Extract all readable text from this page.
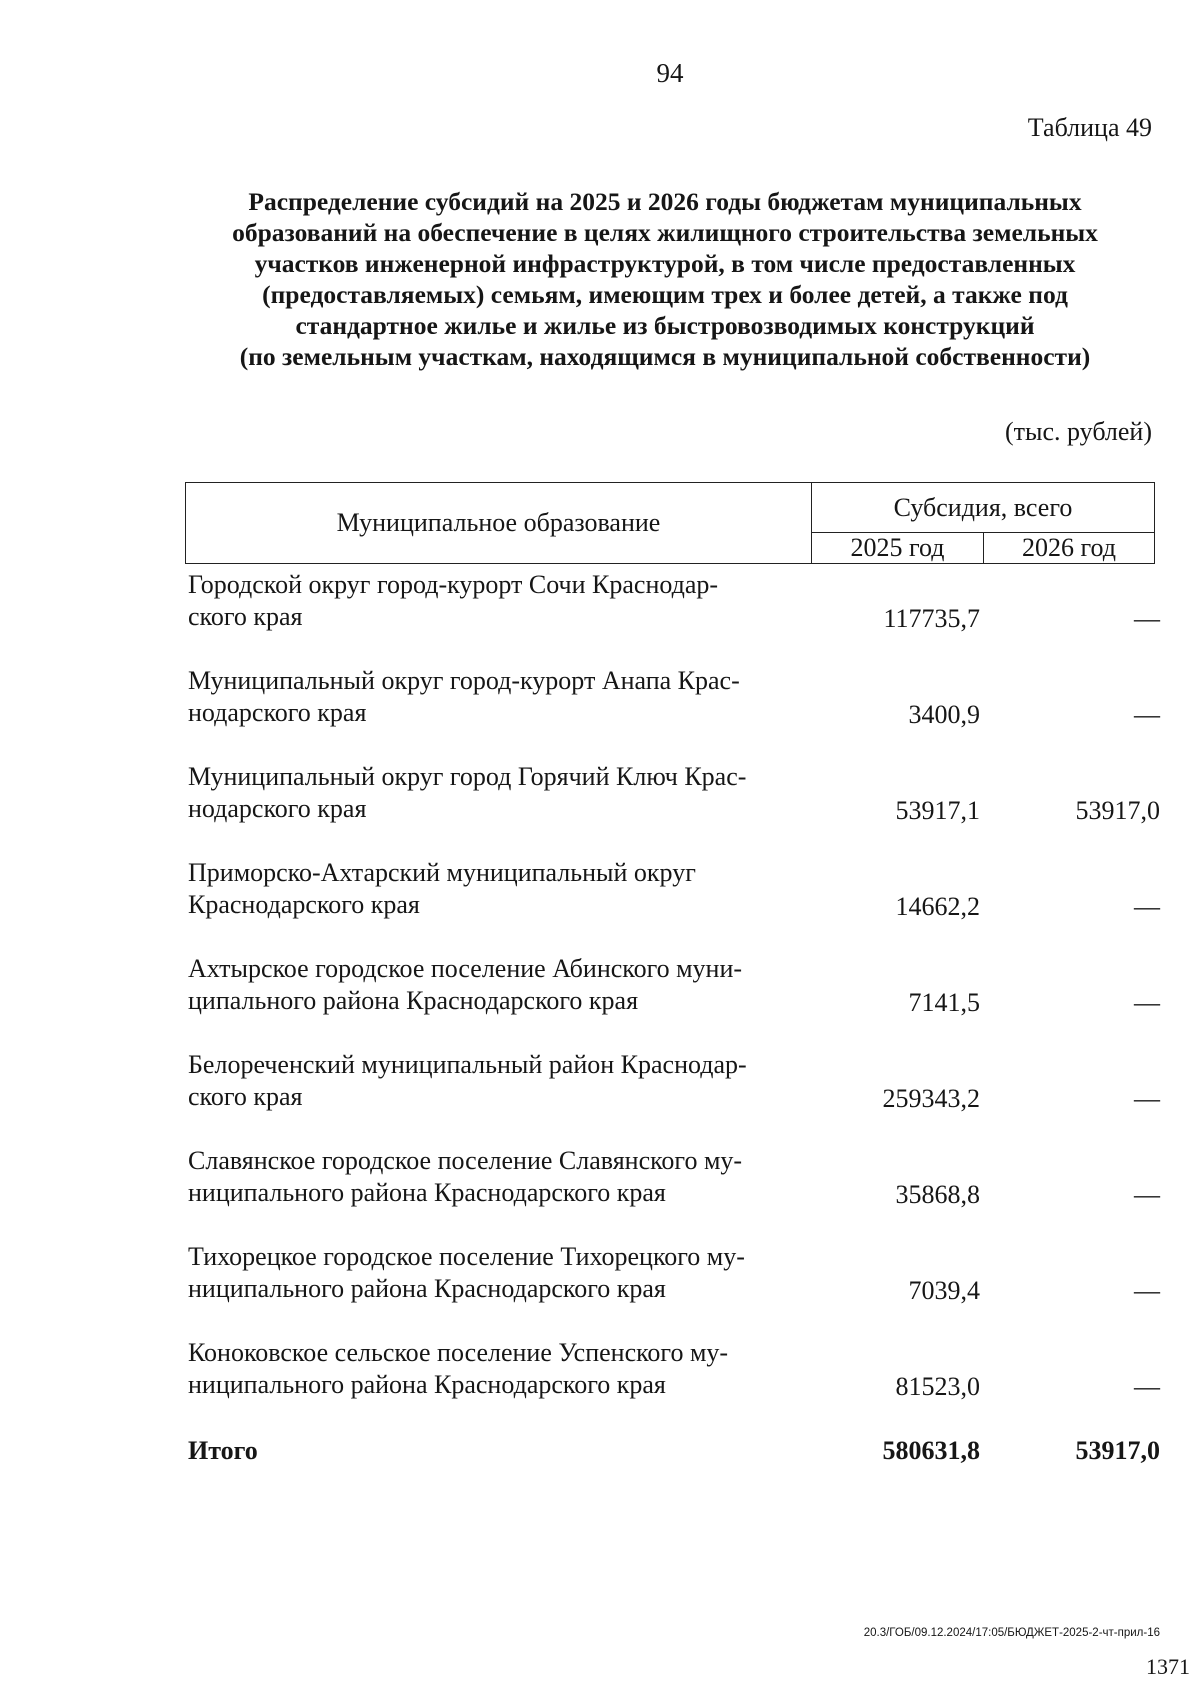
94
Таблица 49
Распределение субсидий на 2025 и 2026 годы бюджетам муниципальных
образований на обеспечение в целях жилищного строительства земельных
участков инженерной инфраструктурой, в том числе предоставленных
(предоставляемых) семьям, имеющим трех и более детей, а также под
стандартное жилье и жилье из быстровозводимых конструкций
(по земельным участкам, находящимся в муниципальной собственности)
(тыс. рублей)
Муниципальное образование
Субсидия, всего
2025 год	2026 год
Городской округ город-курорт Сочи Краснодар-
ского края	117735,7	—
Муниципальный округ город-курорт Анапа Крас-
нодарского края	3400,9	—
Муниципальный округ город Горячий Ключ Крас-
нодарского края	53917,1	53917,0
Приморско-Ахтарский муниципальный округ
Краснодарского края	14662,2	—
Ахтырское городское поселение Абинского муни-
ципального района Краснодарского края	7141,5	—
Белореченский муниципальный район Краснодар-
ского края	259343,2	—
Славянское городское поселение Славянского му-
ниципального района Краснодарского края	35868,8	—
Тихорецкое городское поселение Тихорецкого му-
ниципального района Краснодарского края	7039,4	—
Коноковское сельское поселение Успенского му-
ниципального района Краснодарского края	81523,0	—
Итого	580631,8	53917,0
20.3/ГОБ/09.12.2024/17:05/БЮДЖЕТ-2025-2-чт-прил-16
1371
